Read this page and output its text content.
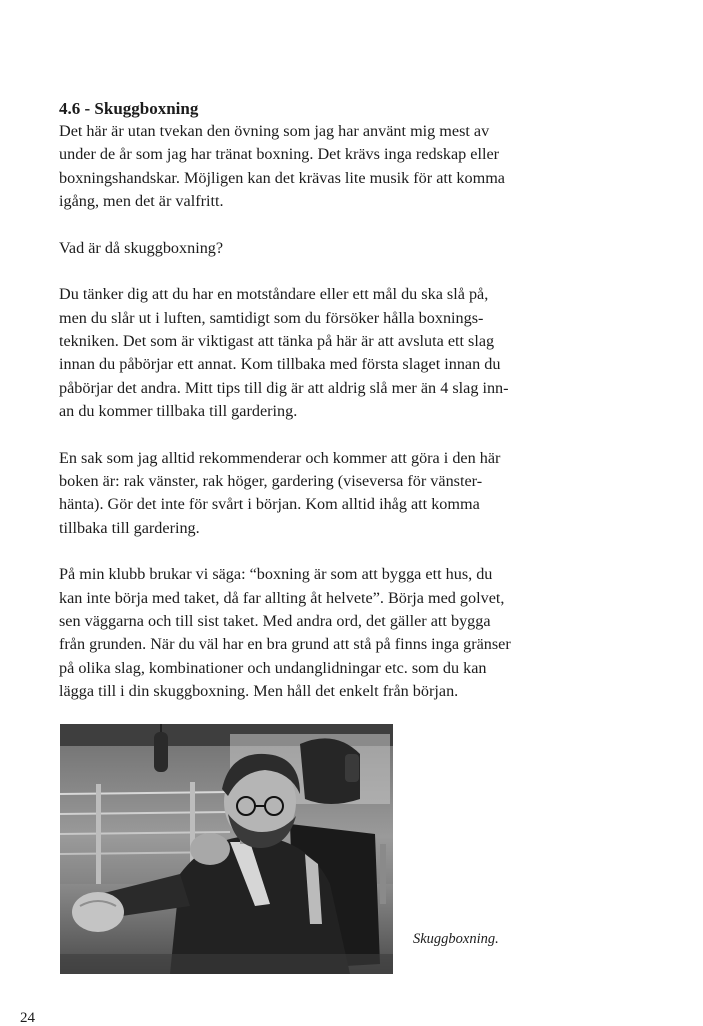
4.6 - Skuggboxning

Det här är utan tvekan den övning som jag har använt mig mest av
under de år som jag har tränat boxning. Det krävs inga redskap eller
boxningshandskar. Möjligen kan det krävas lite musik för att komma
igång, men det är valfritt.

Vad är då skuggboxning?

Du tänker dig att du har en motståndare eller ett mål du ska slå på,
men du slår ut i luften, samtidigt som du försöker hålla boxnings-
tekniken. Det som är viktigast att tänka på här är att avsluta ett slag
innan du påbörjar ett annat. Kom tillbaka med första slaget innan du
påbörjar det andra. Mitt tips till dig är att aldrig slå mer än 4 slag inn-
an du kommer tillbaka till gardering.

En sak som jag alltid rekommenderar och kommer att göra i den här
boken är: rak vänster, rak höger, gardering (viseversa för vänster-
hänta). Gör det inte för svårt i början. Kom alltid ihåg att komma
tillbaka till gardering.

På min klubb brukar vi säga: “boxning är som att bygga ett hus, du
kan inte börja med taket, då far allting åt helvete”. Börja med golvet,
sen väggarna och till sist taket. Med andra ord, det gäller att bygga
från grunden. När du väl har en bra grund att stå på finns inga gränser
på olika slag, kombinationer och undanglidningar etc. som du kan
lägga till i din skuggboxning. Men håll det enkelt från början.

Skuggboxning.
24
